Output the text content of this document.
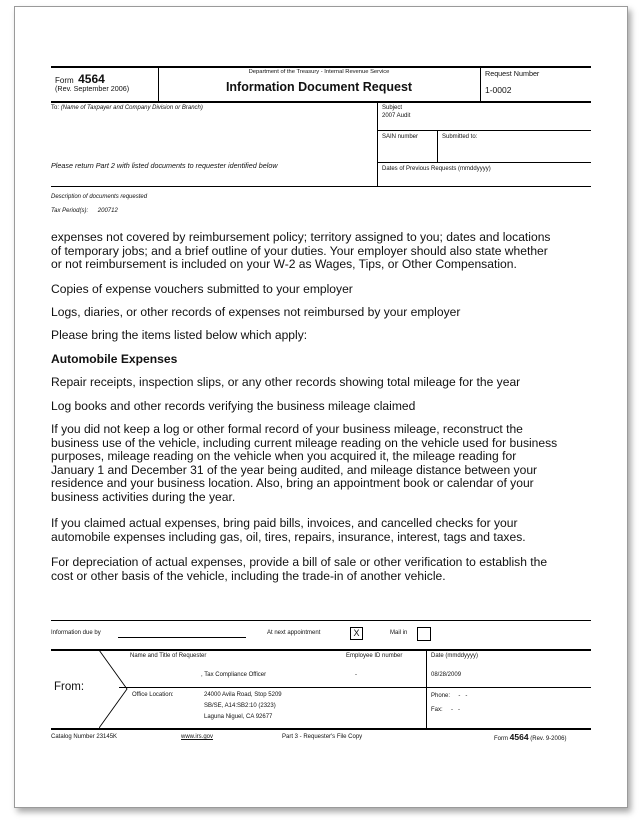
Form 4564
(Rev. September 2006)
Department of the Treasury - Internal Revenue Service
Information Document Request
Request Number
1-0002
To: (Name of Taxpayer and Company Division or Branch)
Please return Part 2 with listed documents to requester identified below
Subject
2007 Audit
SAIN number	Submitted to:
Dates of Previous Requests (mmddyyyy)
Description of documents requested
Tax Period(s): 200712
expenses not covered by reimbursement policy; territory assigned to you; dates and locations of temporary jobs; and a brief outline of your duties. Your employer should also state whether or not reimbursement is included on your W-2 as Wages, Tips, or Other Compensation.
Copies of expense vouchers submitted to your employer
Logs, diaries, or other records of expenses not reimbursed by your employer
Please bring the items listed below which apply:
Automobile Expenses
Repair receipts, inspection slips, or any other records showing total mileage for the year
Log books and other records verifying the business mileage claimed
If you did not keep a log or other formal record of your business mileage, reconstruct the business use of the vehicle, including current mileage reading on the vehicle used for business purposes, mileage reading on the vehicle when you acquired it, the mileage reading for January 1 and December 31 of the year being audited, and mileage distance between your residence and your business location. Also, bring an appointment book or calendar of your business activities during the year.
If you claimed actual expenses, bring paid bills, invoices, and cancelled checks for your automobile expenses including gas, oil, tires, repairs, insurance, interest, tags and taxes.
For depreciation of actual expenses, provide a bill of sale or other verification to establish the cost or other basis of the vehicle, including the trade-in of another vehicle.
Information due by	At next appointment	X	Mail in
From:
Name and Title of Requester
, Tax Compliance Officer
Employee ID number
-
Date (mmddyyyy)
08/28/2009
Office Location:	24000 Avila Road, Stop 5209
SB/SE, A14:SB2:10 (2323)
Laguna Niguel, CA 92677
Phone: -   -
Fax: -   -
Catalog Number 23145K	www.irs.gov	Part 3 - Requester's File Copy	Form 4564 (Rev. 9-2006)
